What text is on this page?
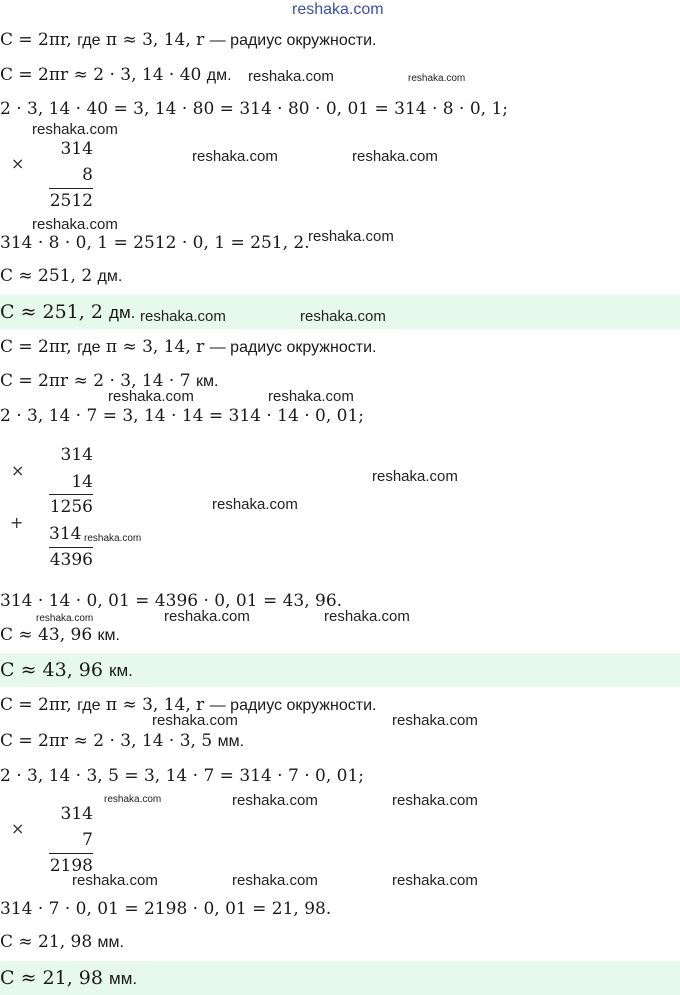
reshaka.com
C = 2πr, где π ≈ 3, 14, r — радиус окружности.
C = 2πr ≈ 2 · 3, 14 · 40 дм. reshaka.com	reshaka.com
2 · 3, 14 · 40 = 3, 14 · 80 = 314 · 80 · 0, 01 = 314 · 8 · 0, 1;
reshaka.com
×
314
8
2512
reshaka.com	reshaka.com
reshaka.com
314 · 8 · 0, 1 = 2512 · 0, 1 = 251, 2.
reshaka.com
C ≈ 251, 2 дм.
C ≈ 251, 2 дм. reshaka.com	reshaka.com
C = 2πr, где π ≈ 3, 14, r — радиус окружности.
C = 2πr ≈ 2 · 3, 14 · 7 км.
reshaka.com	reshaka.com
2 · 3, 14 · 7 = 3, 14 · 14 = 314 · 14 · 0, 01;
×
314
14
1256
+
314
4396
reshaka.com
reshaka.com
reshaka.com
314 · 14 · 0, 01 = 4396 · 0, 01 = 43, 96.
reshaka.com	reshaka.com	reshaka.com
C ≈ 43, 96 км.
C ≈ 43, 96 км.
C = 2πr, где π ≈ 3, 14, r — радиус окружности.
reshaka.com	reshaka.com
C = 2πr ≈ 2 · 3, 14 · 3, 5 мм.
2 · 3, 14 · 3, 5 = 3, 14 · 7 = 314 · 7 · 0, 01;
×
314
7
2198
reshaka.com	reshaka.com	reshaka.com
reshaka.com	reshaka.com	reshaka.com
314 · 7 · 0, 01 = 2198 · 0, 01 = 21, 98.
C ≈ 21, 98 мм.
C ≈ 21, 98 мм.
